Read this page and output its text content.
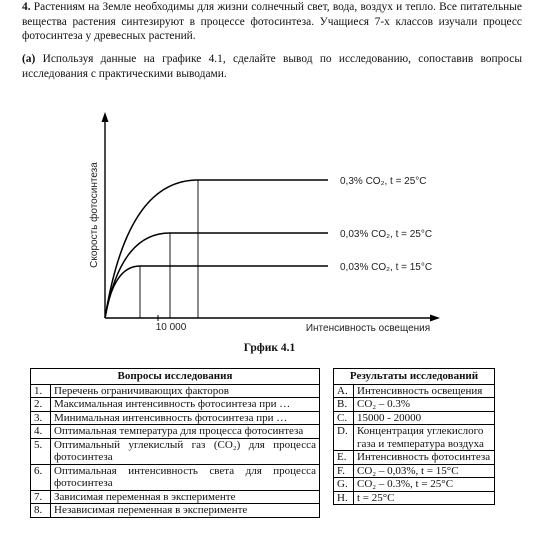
4. Растениям на Земле необходимы для жизни солнечный свет, вода, воздух и тепло. Все питательные вещества растения синтезируют в процессе фотосинтеза. Учащиеся 7-х классов изучали процесс фотосинтеза у древесных растений.

(a) Используя данные на графике 4.1, сделайте вывод по исследованию, сопоставив вопросы исследования с практическими выводами.

0,3% CO₂, t = 25°C
0,03% CO₂, t = 25°C
0,03% CO₂, t = 15°C
Скорость фотосинтеза
Интенсивность освещения
10 000
Грфик 4.1
Вопросы исследования	
1.	Перечень ограничивающих факторов
2.	Максимальная интенсивность фотосинтеза при …
3.	Минимальная интенсивность фотосинтеза при …
4.	Оптимальная температура для процесса фотосинтеза
5.	Оптимальный углекислый газ (CO₂) для процесса фотосинтеза
6.	Оптимальная интенсивность света для процесса фотосинтеза
7.	Зависимая переменная в эксперименте
8.	Независимая переменная в эксперименте
Результаты исследований	
A.	Интенсивность освещения
B.	CO₂ – 0.3%
C.	15000 - 20000
D.	Концентрация углекислого газа и температура воздуха
E.	Интенсивность фотосинтеза
F.	CO₂ – 0,03%, t = 15°C
G.	CO₂ – 0.3%, t = 25°C
H.	t = 25°C
